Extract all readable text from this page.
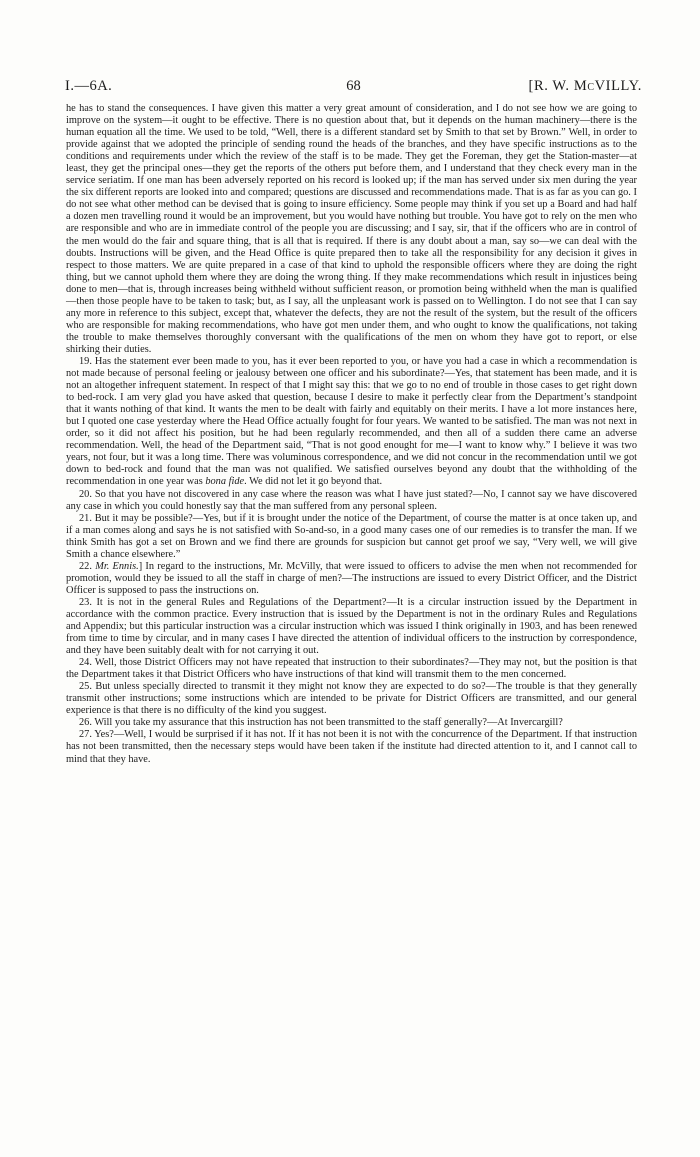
I.—6A.	68	[R. W. McVILLY.

he has to stand the consequences. I have given this matter a very great amount of consideration, and I do not see how we are going to improve on the system—it ought to be effective. There is no question about that, but it depends on the human machinery—there is the human equation all the time. We used to be told, “Well, there is a different standard set by Smith to that set by Brown.” Well, in order to provide against that we adopted the principle of sending round the heads of the branches, and they have specific instructions as to the conditions and requirements under which the review of the staff is to be made. They get the Foreman, they get the Station-master—at least, they get the principal ones—they get the reports of the others put before them, and I understand that they check every man in the service seriatim. If one man has been adversely reported on his record is looked up; if the man has served under six men during the year the six different reports are looked into and compared; questions are discussed and recommendations made. That is as far as you can go. I do not see what other method can be devised that is going to insure efficiency. Some people may think if you set up a Board and had half a dozen men travelling round it would be an improvement, but you would have nothing but trouble. You have got to rely on the men who are responsible and who are in immediate control of the people you are discussing; and I say, sir, that if the officers who are in control of the men would do the fair and square thing, that is all that is required. If there is any doubt about a man, say so—we can deal with the doubts. Instructions will be given, and the Head Office is quite prepared then to take all the responsibility for any decision it gives in respect to those matters. We are quite prepared in a case of that kind to uphold the responsible officers where they are doing the right thing, but we cannot uphold them where they are doing the wrong thing. If they make recommendations which result in injustices being done to men—that is, through increases being withheld without sufficient reason, or promotion being withheld when the man is qualified —then those people have to be taken to task; but, as I say, all the unpleasant work is passed on to Wellington. I do not see that I can say any more in reference to this subject, except that, whatever the defects, they are not the result of the system, but the result of the officers who are responsible for making recommendations, who have got men under them, and who ought to know the qualifications, not taking the trouble to make themselves thoroughly conversant with the qualifications of the men on whom they have got to report, or else shirking their duties.

19. Has the statement ever been made to you, has it ever been reported to you, or have you had a case in which a recommendation is not made because of personal feeling or jealousy between one officer and his subordinate?—Yes, that statement has been made, and it is not an altogether infrequent statement. In respect of that I might say this: that we go to no end of trouble in those cases to get right down to bed-rock. I am very glad you have asked that question, because I desire to make it perfectly clear from the Department’s standpoint that it wants nothing of that kind. It wants the men to be dealt with fairly and equitably on their merits. I have a lot more instances here, but I quoted one case yesterday where the Head Office actually fought for four years. We wanted to be satisfied. The man was not next in order, so it did not affect his position, but he had been regularly recommended, and then all of a sudden there came an adverse recommendation. Well, the head of the Department said, “That is not good enought for me—I want to know why.” I believe it was two years, not four, but it was a long time. There was voluminous correspondence, and we did not concur in the recommendation until we got down to bed-rock and found that the man was not qualified. We satisfied ourselves beyond any doubt that the withholding of the recommendation in one year was bona fide. We did not let it go beyond that.

20. So that you have not discovered in any case where the reason was what I have just stated?—No, I cannot say we have discovered any case in which you could honestly say that the man suffered from any personal spleen.

21. But it may be possible?—Yes, but if it is brought under the notice of the Department, of course the matter is at once taken up, and if a man comes along and says he is not satisfied with So-and-so, in a good many cases one of our remedies is to transfer the man. If we think Smith has got a set on Brown and we find there are grounds for suspicion but cannot get proof we say, “Very well, we will give Smith a chance elsewhere.”

22. Mr. Ennis.] In regard to the instructions, Mr. McVilly, that were issued to officers to advise the men when not recommended for promotion, would they be issued to all the staff in charge of men?—The instructions are issued to every District Officer, and the District Officer is supposed to pass the instructions on.

23. It is not in the general Rules and Regulations of the Department?—It is a circular instruction issued by the Department in accordance with the common practice. Every instruction that is issued by the Department is not in the ordinary Rules and Regulations and Appendix; but this particular instruction was a circular instruction which was issued I think originally in 1903, and has been renewed from time to time by circular, and in many cases I have directed the attention of individual officers to the instruction by correspondence, and they have been suitably dealt with for not carrying it out.

24. Well, those District Officers may not have repeated that instruction to their subordinates?—They may not, but the position is that the Department takes it that District Officers who have instructions of that kind will transmit them to the men concerned.

25. But unless specially directed to transmit it they might not know they are expected to do so?—The trouble is that they generally transmit other instructions; some instructions which are intended to be private for District Officers are transmitted, and our general experience is that there is no difficulty of the kind you suggest.

26. Will you take my assurance that this instruction has not been transmitted to the staff generally?—At Invercargill?

27. Yes?—Well, I would be surprised if it has not. If it has not been it is not with the concurrence of the Department. If that instruction has not been transmitted, then the necessary steps would have been taken if the institute had directed attention to it, and I cannot call to mind that they have.
